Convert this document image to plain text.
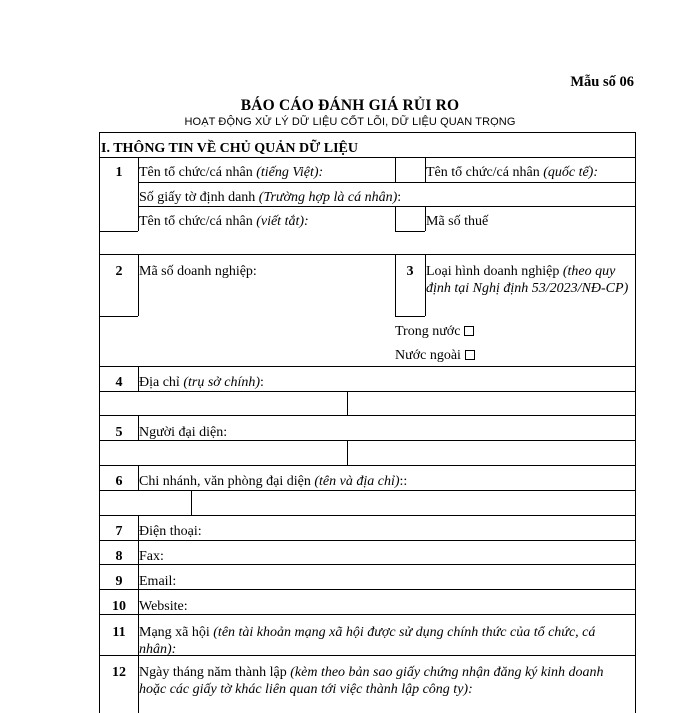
Mẫu số 06
BÁO CÁO ĐÁNH GIÁ RỦI RO
HOẠT ĐỘNG XỬ LÝ DỮ LIỆU CỐT LÕI, DỮ LIỆU QUAN TRỌNG
I. THÔNG TIN VỀ CHỦ QUẢN DỮ LIỆU
1	Tên tổ chức/cá nhân (tiếng Việt):	Tên tổ chức/cá nhân (quốc tế):
Số giấy tờ định danh (Trường hợp là cá nhân):
Tên tổ chức/cá nhân (viết tắt):	Mã số thuế
2	Mã số doanh nghiệp:	3 Loại hình doanh nghiệp (theo quy định tại Nghị định 53/2023/NĐ-CP)
Trong nước
Nước ngoài
4	Địa chỉ (trụ sở chính):
5	Người đại diện:
6	Chi nhánh, văn phòng đại diện (tên và địa chỉ)::
7	Điện thoại:
8	Fax:
9	Email:
10 Website:
11 Mạng xã hội (tên tài khoản mạng xã hội được sử dụng chính thức của tổ chức, cá nhân):
12 Ngày tháng năm thành lập (kèm theo bản sao giấy chứng nhận đăng ký kinh doanh hoặc các giấy tờ khác liên quan tới việc thành lập công ty):
